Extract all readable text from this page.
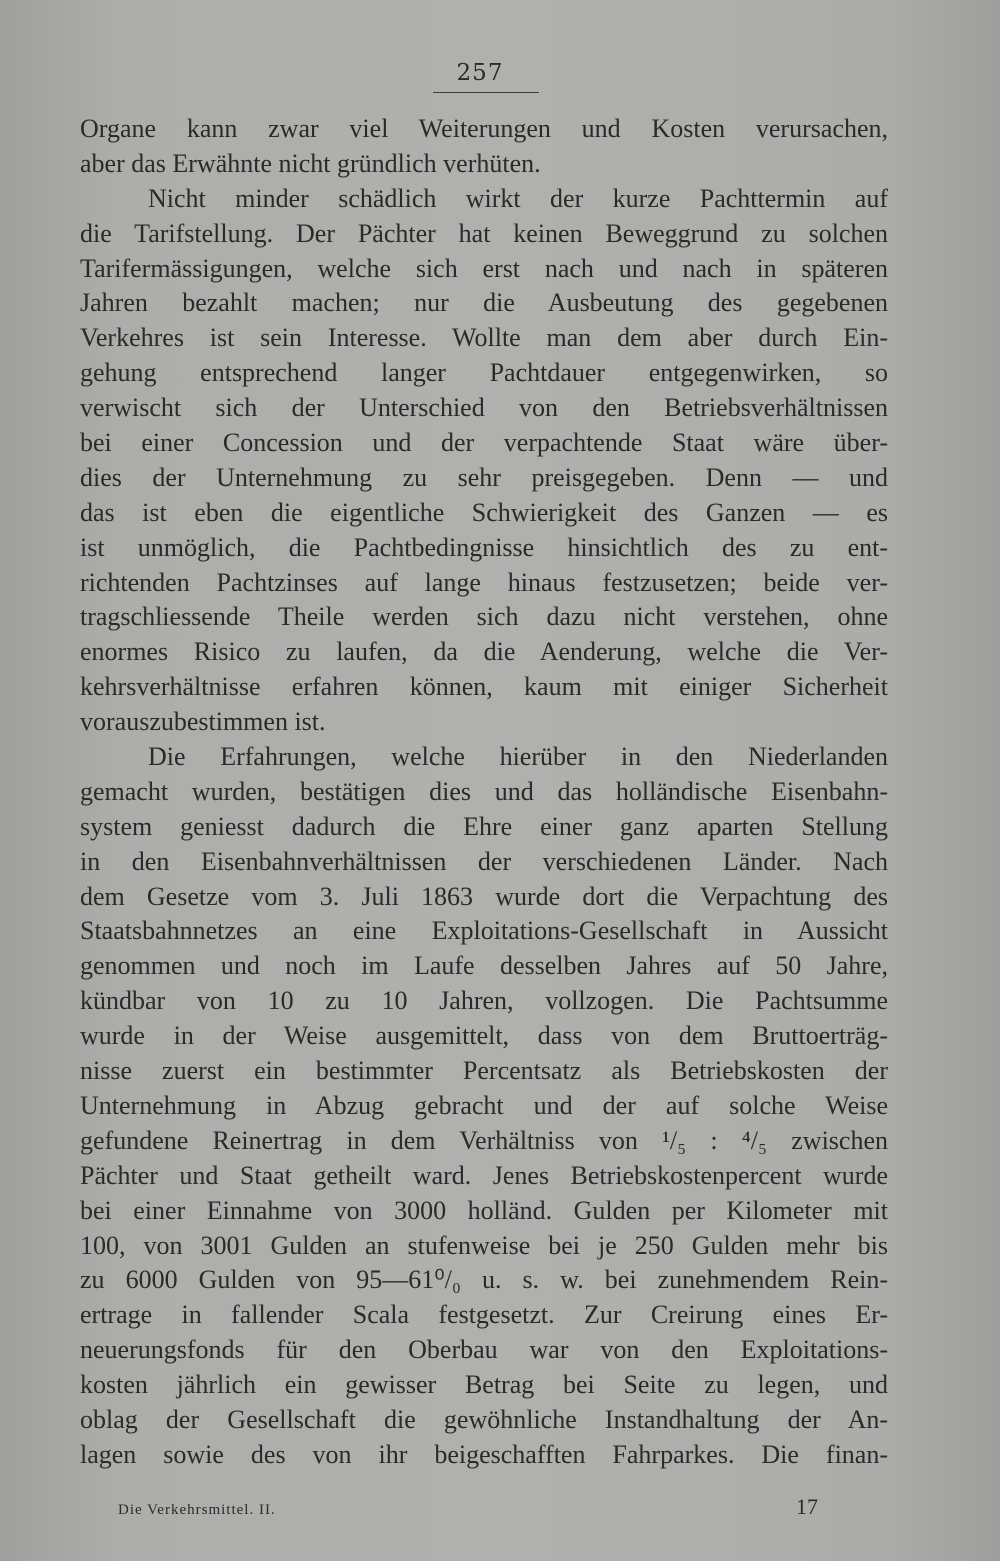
257
Organe kann zwar viel Weiterungen und Kosten verursachen,
aber das Erwähnte nicht gründlich verhüten.
Nicht minder schädlich wirkt der kurze Pachttermin auf
die Tarifstellung. Der Pächter hat keinen Beweggrund zu solchen
Tarifermässigungen, welche sich erst nach und nach in späteren
Jahren bezahlt machen; nur die Ausbeutung des gegebenen
Verkehres ist sein Interesse. Wollte man dem aber durch Ein-
gehung entsprechend langer Pachtdauer entgegenwirken, so
verwischt sich der Unterschied von den Betriebsverhältnissen
bei einer Concession und der verpachtende Staat wäre über-
dies der Unternehmung zu sehr preisgegeben. Denn — und
das ist eben die eigentliche Schwierigkeit des Ganzen — es
ist unmöglich, die Pachtbedingnisse hinsichtlich des zu ent-
richtenden Pachtzinses auf lange hinaus festzusetzen; beide ver-
tragschliessende Theile werden sich dazu nicht verstehen, ohne
enormes Risico zu laufen, da die Aenderung, welche die Ver-
kehrsverhältnisse erfahren können, kaum mit einiger Sicherheit
vorauszubestimmen ist.
Die Erfahrungen, welche hierüber in den Niederlanden
gemacht wurden, bestätigen dies und das holländische Eisenbahn-
system geniesst dadurch die Ehre einer ganz aparten Stellung
in den Eisenbahnverhältnissen der verschiedenen Länder. Nach
dem Gesetze vom 3. Juli 1863 wurde dort die Verpachtung des
Staatsbahnnetzes an eine Exploitations-Gesellschaft in Aussicht
genommen und noch im Laufe desselben Jahres auf 50 Jahre,
kündbar von 10 zu 10 Jahren, vollzogen. Die Pachtsumme
wurde in der Weise ausgemittelt, dass von dem Bruttoerträg-
nisse zuerst ein bestimmter Percentsatz als Betriebskosten der
Unternehmung in Abzug gebracht und der auf solche Weise
gefundene Reinertrag in dem Verhältniss von ¹/₅ : ⁴/₅ zwischen
Pächter und Staat getheilt ward. Jenes Betriebskostenpercent wurde
bei einer Einnahme von 3000 holländ. Gulden per Kilometer mit
100, von 3001 Gulden an stufenweise bei je 250 Gulden mehr bis
zu 6000 Gulden von 95—61⁰/₀ u. s. w. bei zunehmendem Rein-
ertrage in fallender Scala festgesetzt. Zur Creirung eines Er-
neuerungsfonds für den Oberbau war von den Exploitations-
kosten jährlich ein gewisser Betrag bei Seite zu legen, und
oblag der Gesellschaft die gewöhnliche Instandhaltung der An-
lagen sowie des von ihr beigeschafften Fahrparkes. Die finan-
Die Verkehrsmittel. II.	17
